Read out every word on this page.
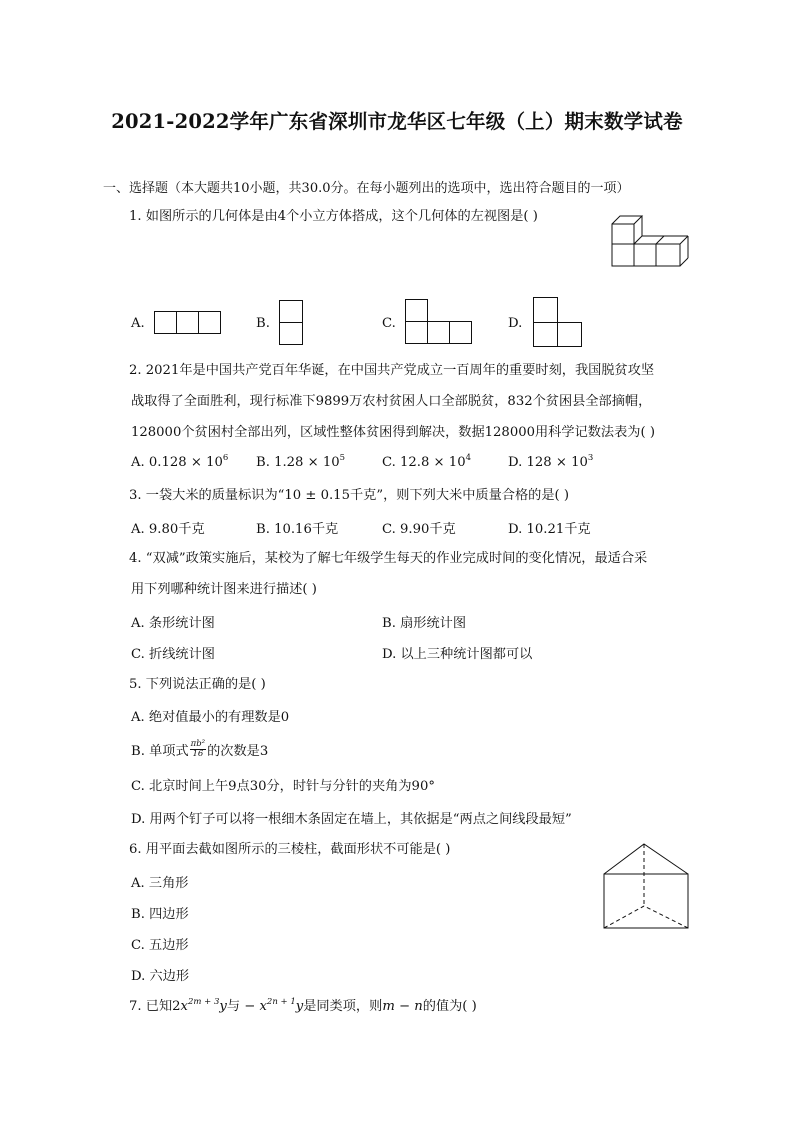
2021-2022学年广东省深圳市龙华区七年级（上）期末数学试卷
一、选择题（本大题共10小题，共30.0分。在每小题列出的选项中，选出符合题目的一项）
1. 如图所示的几何体是由4个小立方体搭成，这个几何体的左视图是( )
A.	B.	C.	D.
2. 2021年是中国共产党百年华诞，在中国共产党成立一百周年的重要时刻，我国脱贫攻坚
战取得了全面胜利，现行标准下9899万农村贫困人口全部脱贫，832个贫困县全部摘帽，
128000个贫困村全部出列，区域性整体贫困得到解决，数据128000用科学记数法表为( )
A. $0.128 \times 10^6$ B. $1.28 \times 10^5$	C. $12.8 \times 10^4$	D. $128 \times 10^3$
3. 一袋大米的质量标识为“10 ± 0.15千克”，则下列大米中质量合格的是( )
A. 9.80千克	B. 10.16千克	C. 9.90千克	D. 10.21千克
4. “双减”政策实施后，某校为了解七年级学生每天的作业完成时间的变化情况，最适合采
用下列哪种统计图来进行描述( )
A. 条形统计图	B. 扇形统计图
C. 折线统计图	D. 以上三种统计图都可以
5. 下列说法正确的是( )
A. 绝对值最小的有理数是0
B. 单项式 $\frac{\text{πb²}}{16}$ 的次数是3
C. 北京时间上午9点30分，时针与分针的夹角为90°
D. 用两个钉子可以将一根细木条固定在墙上，其依据是“两点之间线段最短”
6. 用平面去截如图所示的三棱柱，截面形状不可能是( )
A. 三角形
B. 四边形
C. 五边形
D. 六边形
7. 已知$2x^{2m + 3}y$与 − $x^{2n + 1}y$是同类项，则m − n的值为( )
